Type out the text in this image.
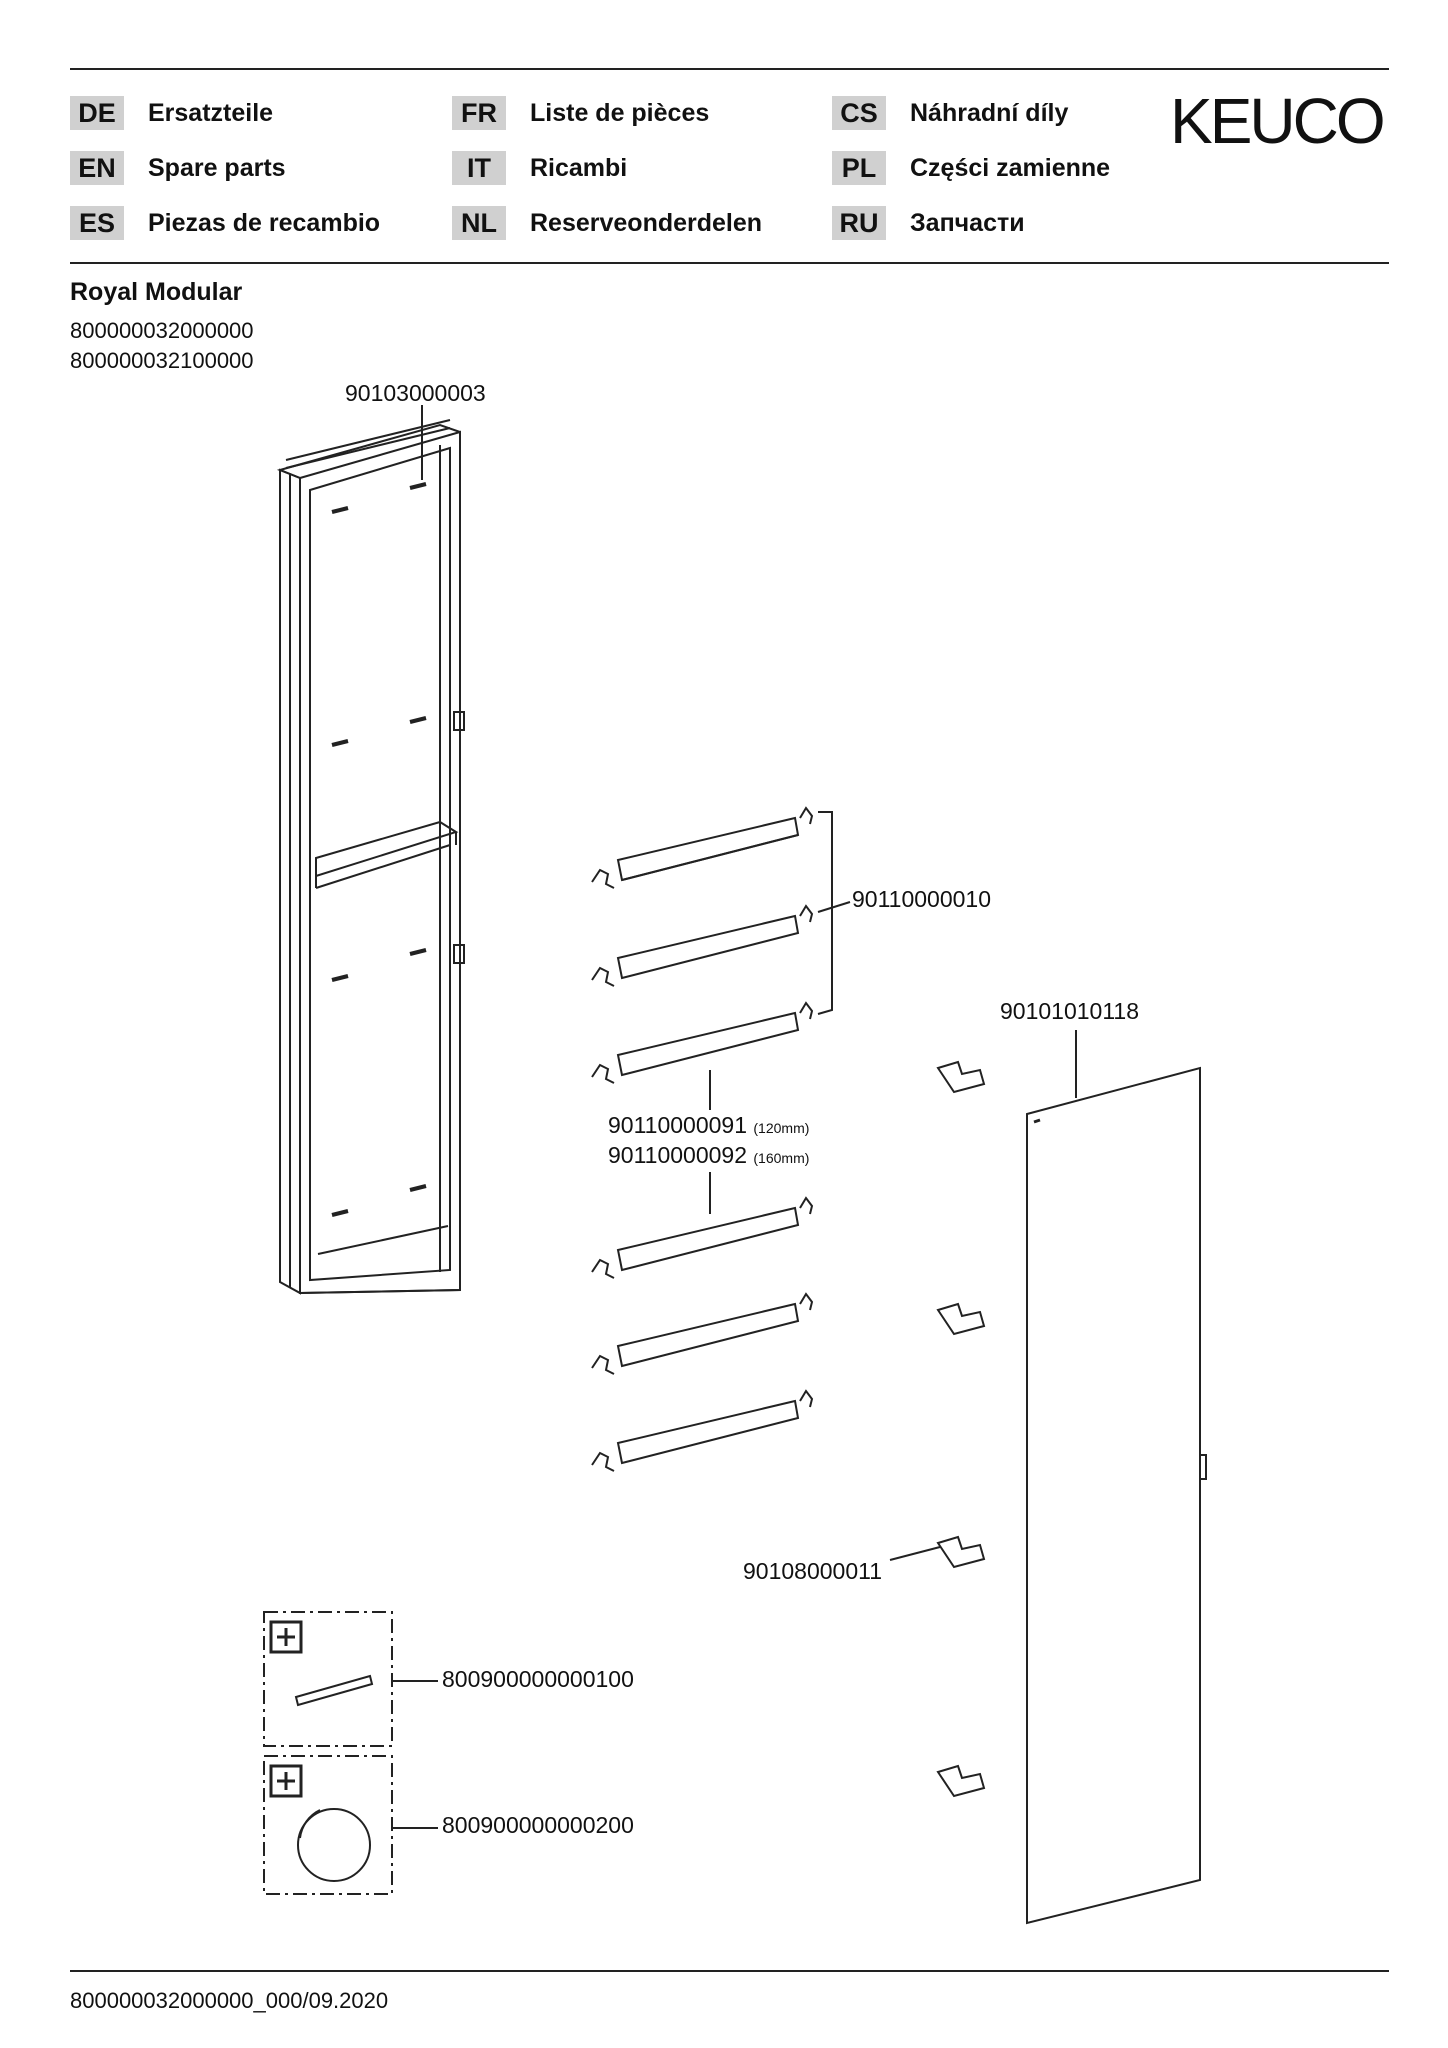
DE	Ersatzteile
EN	Spare parts
ES	Piezas de recambio
FR	Liste de pièces
IT	Ricambi
NL	Reserveonderdelen
CS	Náhradní díly
PL	Części zamienne
RU	Запчасти
KEUCO
Royal Modular
800000032000000
800000032100000
90103000003
90110000010
90101010118
90110000091 (120mm)
90110000092 (160mm)
90108000011
800900000000100
800900000000200
800000032000000_000/09.2020
